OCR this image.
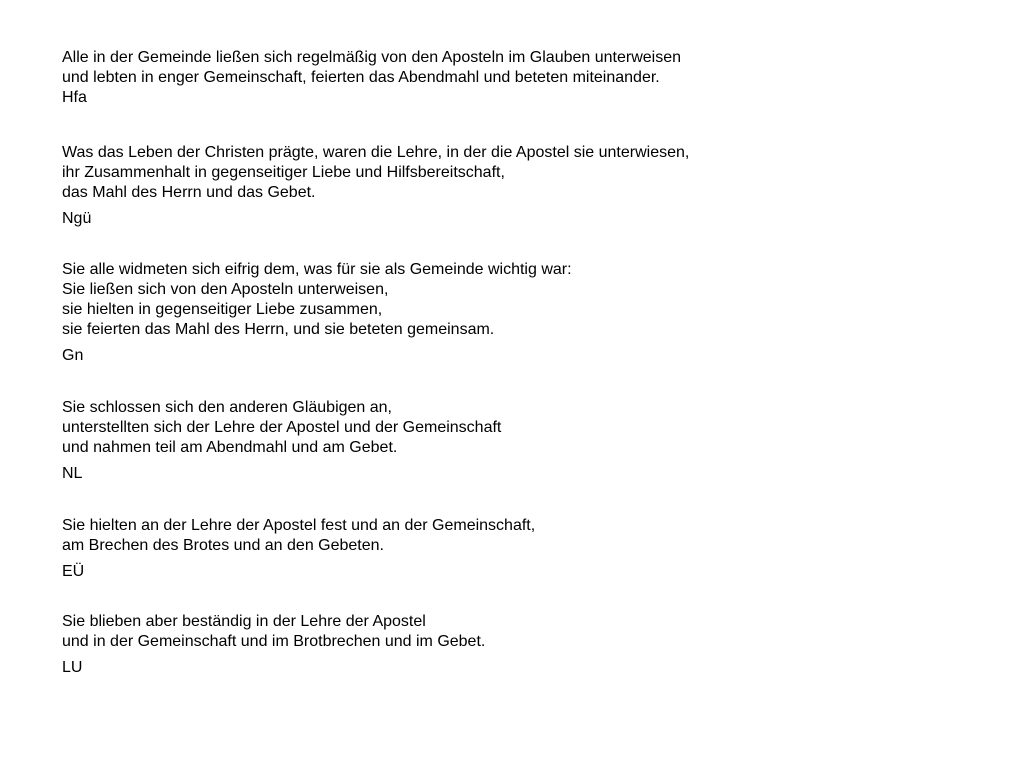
Alle in der Gemeinde ließen sich regelmäßig von den Aposteln im Glauben unterweisen
und lebten in enger Gemeinschaft, feierten das Abendmahl und beteten miteinander.
Hfa
Was das Leben der Christen prägte, waren die Lehre, in der die Apostel sie unterwiesen,
ihr Zusammenhalt in gegenseitiger Liebe und Hilfsbereitschaft,
das Mahl des Herrn und das Gebet.
Ngü
Sie alle widmeten sich eifrig dem, was für sie als Gemeinde wichtig war:
Sie ließen sich von den Aposteln unterweisen,
sie hielten in gegenseitiger Liebe zusammen,
sie feierten das Mahl des Herrn, und sie beteten gemeinsam.
Gn
Sie schlossen sich den anderen Gläubigen an,
unterstellten sich der Lehre der Apostel und der Gemeinschaft
und nahmen teil am Abendmahl und am Gebet.
NL
Sie hielten an der Lehre der Apostel fest und an der Gemeinschaft,
am Brechen des Brotes und an den Gebeten.
EÜ
Sie blieben aber beständig in der Lehre der Apostel
und in der Gemeinschaft und im Brotbrechen und im Gebet.
LU
